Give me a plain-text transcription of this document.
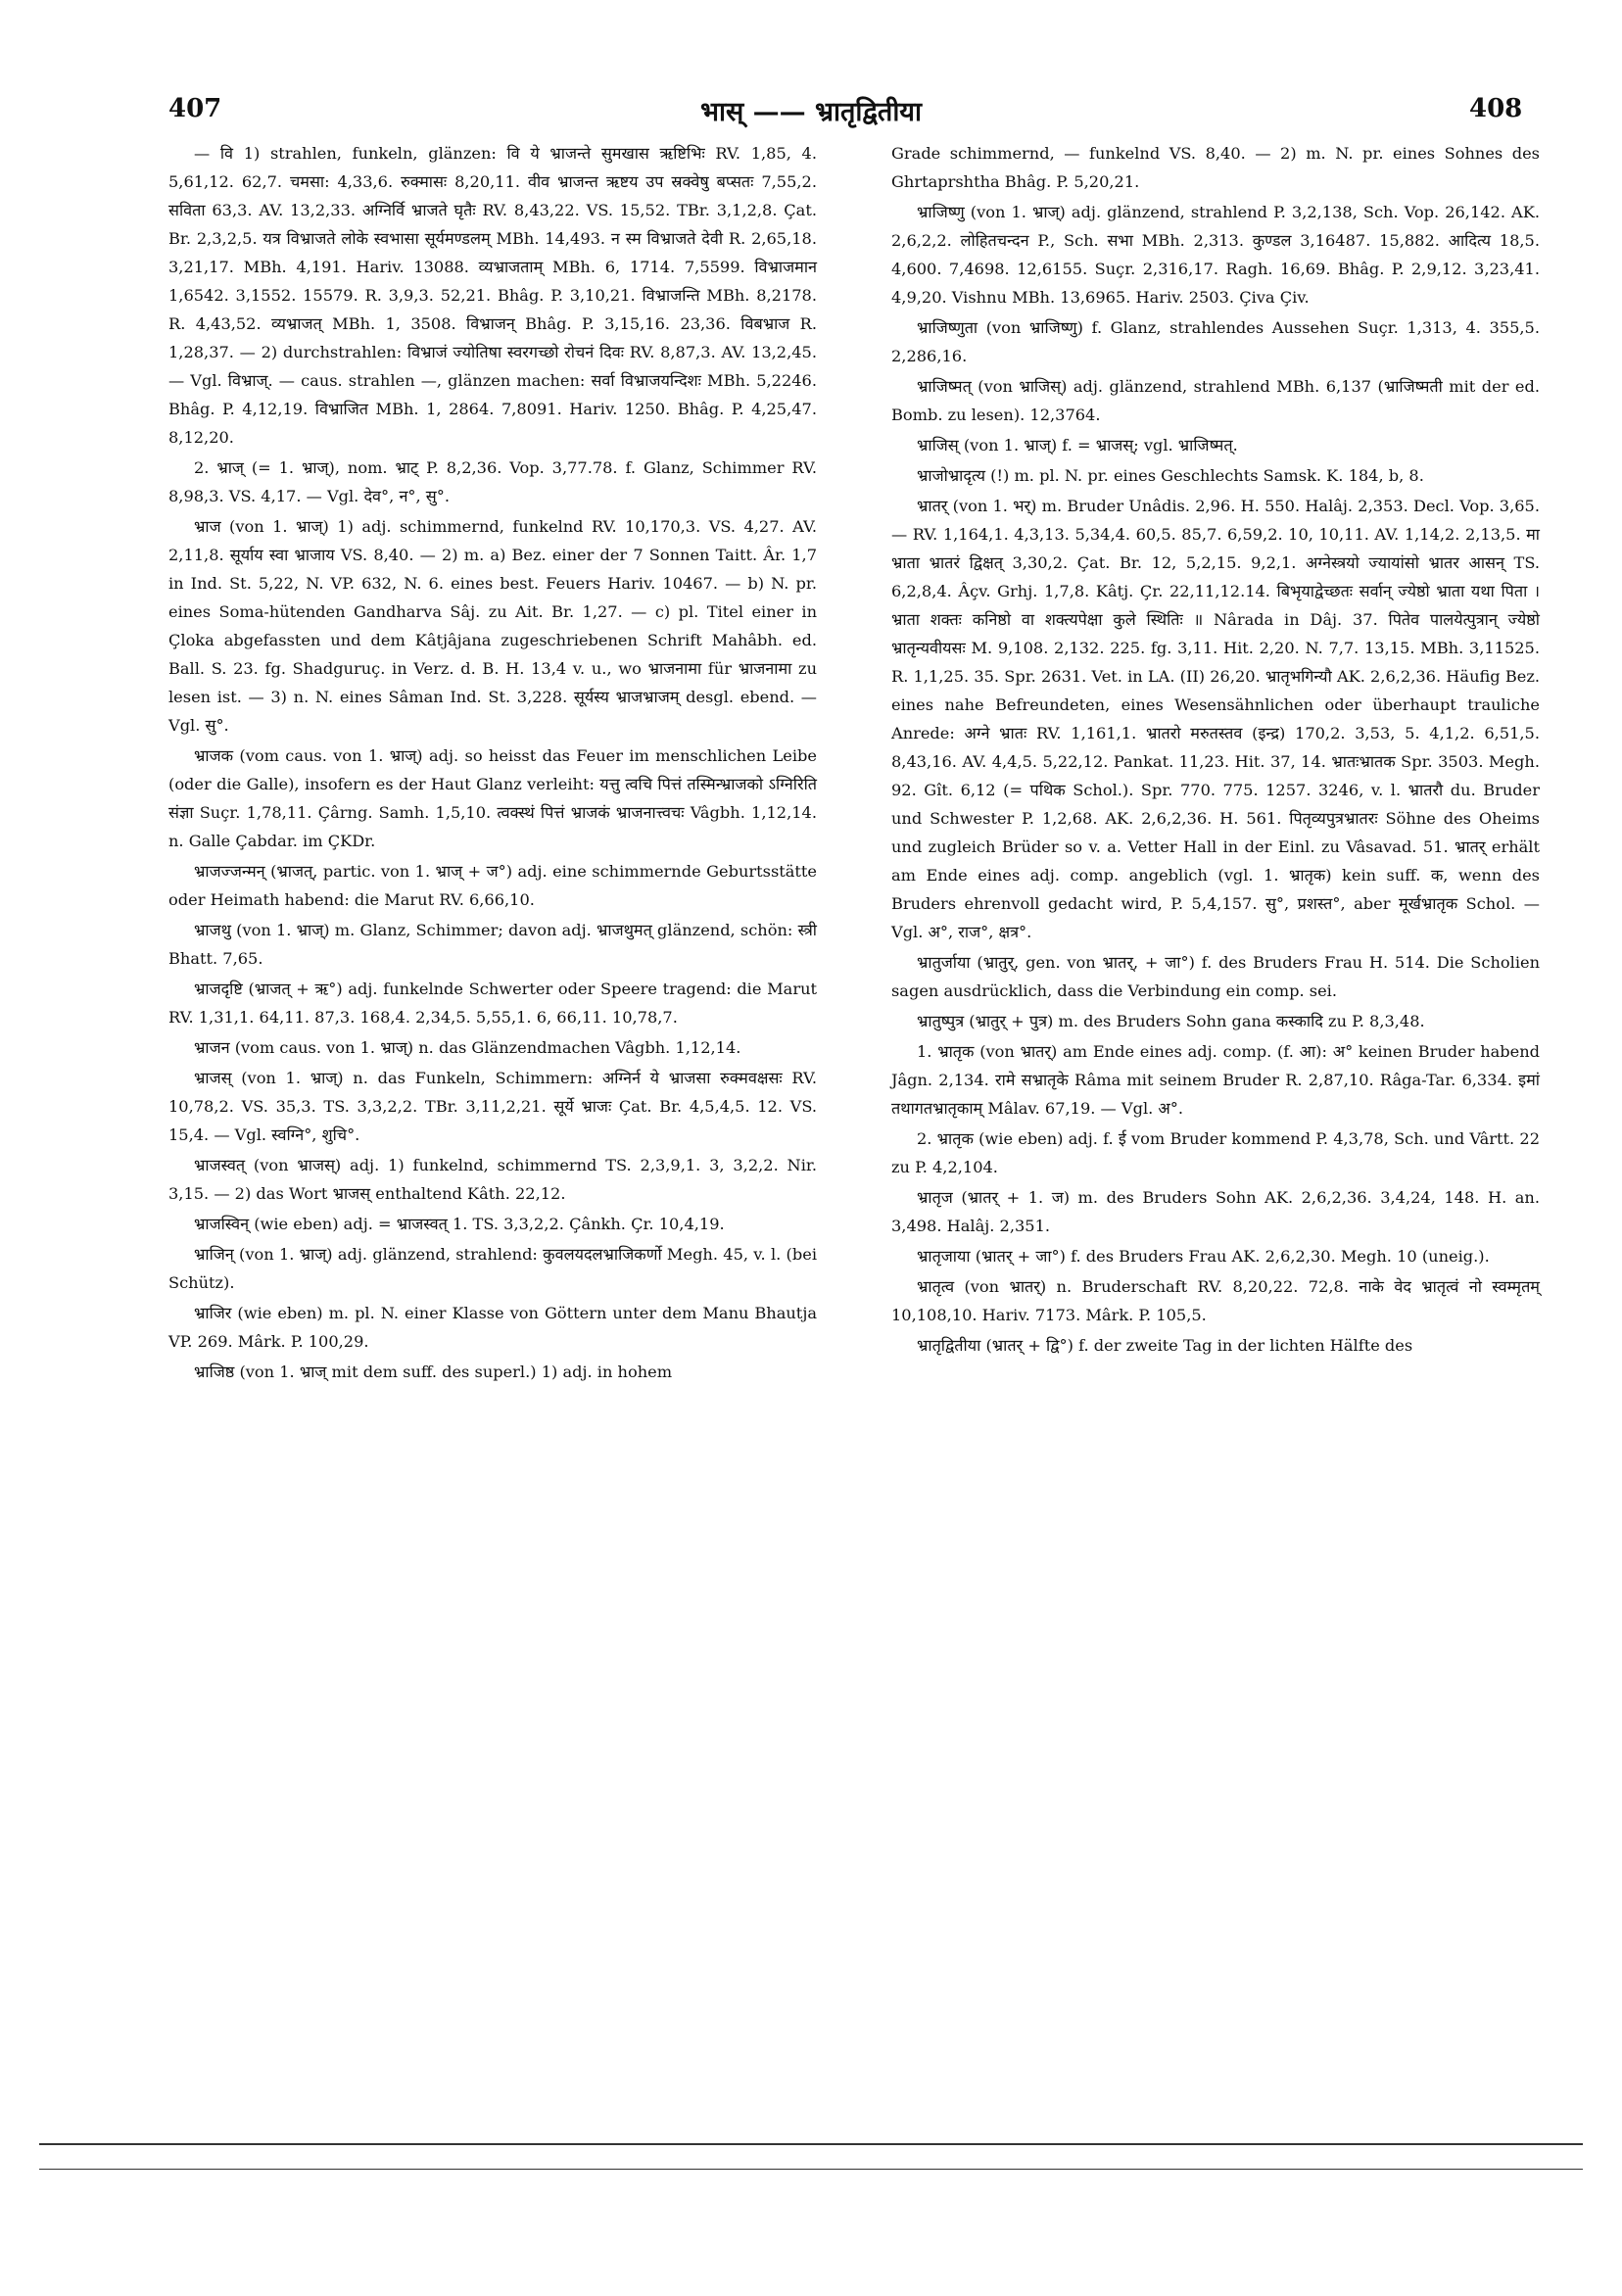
407	भास् —— भ्रातृद्वितीया	408

— वि 1) strahlen, funkeln, glänzen: वि ये भ्राजन्ते सुमखास ऋष्टिभिः RV. 1,85, 4. 5,61,12. 62,7. चमसा: 4,33,6. रुक्मासः 8,20,11. वीव भ्राजन्त ऋष्टय उप स्रक्वेषु बप्सतः 7,55,2. सविता 63,3. AV. 13,2,33. अग्निर्वि भ्राजते घृतैः RV. 8,43,22. VS. 15,52. TBr. 3,1,2,8. Çat. Br. 2,3,2,5. यत्र विभ्राजते लोके स्वभासा सूर्यमण्डलम् MBh. 14,493. न स्म विभ्राजते देवी R. 2,65,18. 3,21,17. MBh. 4,191. Hariv. 13088. व्यभ्राजताम् MBh. 6, 1714. 7,5599. विभ्राजमान 1,6542. 3,1552. 15579. R. 3,9,3. 52,21. Bhâg. P. 3,10,21. विभ्राजन्ति MBh. 8,2178. R. 4,43,52. व्यभ्राजत् MBh. 1, 3508. विभ्राजन् Bhâg. P. 3,15,16. 23,36. विबभ्राज R. 1,28,37. — 2) durchstrahlen: विभ्राजं ज्योतिषा स्वरगच्छो रोचनं दिवः RV. 8,87,3. AV. 13,2,45. — Vgl. विभ्राज्. — caus. strahlen —, glänzen machen: सर्वा विभ्राजयन्दिशः MBh. 5,2246. Bhâg. P. 4,12,19. विभ्राजित MBh. 1, 2864. 7,8091. Hariv. 1250. Bhâg. P. 4,25,47. 8,12,20.

2. भ्राज् (= 1. भ्राज्), nom. भ्राट् P. 8,2,36. Vop. 3,77.78. f. Glanz, Schimmer RV. 8,98,3. VS. 4,17. — Vgl. देव°, न°, सु°.

भ्राज (von 1. भ्राज्) 1) adj. schimmernd, funkelnd RV. 10,170,3. VS. 4,27. AV. 2,11,8. सूर्याय स्वा भ्राजाय VS. 8,40. — 2) m. a) Bez. einer der 7 Sonnen Taitt. Âr. 1,7 in Ind. St. 5,22, N. VP. 632, N. 6. eines best. Feuers Hariv. 10467. — b) N. pr. eines Soma-hütenden Gandharva Sâj. zu Ait. Br. 1,27. — c) pl. Titel einer in Çloka abgefassten und dem Kâtjâjana zugeschriebenen Schrift Mahâbh. ed. Ball. S. 23. fg. Shadguruç. in Verz. d. B. H. 13,4 v. u., wo भ्राजनामा für भ्राजनामा zu lesen ist. — 3) n. N. eines Sâman Ind. St. 3,228. सूर्यस्य भ्राजभ्राजम् desgl. ebend. — Vgl. सु°.

भ्राजक (vom caus. von 1. भ्राज्) adj. so heisst das Feuer im menschlichen Leibe (oder die Galle), insofern es der Haut Glanz verleiht: यत्तु त्वचि पित्तं तस्मिन्भ्राजको ऽग्निरिति संज्ञा Suçr. 1,78,11. Çârng. Samh. 1,5,10. त्वक्स्थं पित्तं भ्राजकं भ्राजनात्त्वचः Vâgbh. 1,12,14. n. Galle Çabdar. im ÇKDr.

भ्राजज्जन्मन् (भ्राजत्, partic. von 1. भ्राज् + ज°) adj. eine schimmernde Geburtsstätte oder Heimath habend: die Marut RV. 6,66,10.

भ्राजथु (von 1. भ्राज्) m. Glanz, Schimmer; davon adj. भ्राजथुमत् glänzend, schön: स्त्री Bhatt. 7,65.

भ्राजदृष्टि (भ्राजत् + ऋ°) adj. funkelnde Schwerter oder Speere tragend: die Marut RV. 1,31,1. 64,11. 87,3. 168,4. 2,34,5. 5,55,1. 6, 66,11. 10,78,7.

भ्राजन (vom caus. von 1. भ्राज्) n. das Glänzendmachen Vâgbh. 1,12,14.

भ्राजस् (von 1. भ्राज्) n. das Funkeln, Schimmern: अग्निर्न ये भ्राजसा रुक्मवक्षसः RV. 10,78,2. VS. 35,3. TS. 3,3,2,2. TBr. 3,11,2,21. सूर्ये भ्राजः Çat. Br. 4,5,4,5. 12. VS. 15,4. — Vgl. स्वग्नि°, शुचि°.

भ्राजस्वत् (von भ्राजस्) adj. 1) funkelnd, schimmernd TS. 2,3,9,1. 3, 3,2,2. Nir. 3,15. — 2) das Wort भ्राजस् enthaltend Kâth. 22,12.

भ्राजस्विन् (wie eben) adj. = भ्राजस्वत् 1. TS. 3,3,2,2. Çânkh. Çr. 10,4,19.

भ्राजिन् (von 1. भ्राज्) adj. glänzend, strahlend: कुवलयदलभ्राजिकर्णो Megh. 45, v. l. (bei Schütz).

भ्राजिर (wie eben) m. pl. N. einer Klasse von Göttern unter dem Manu Bhautja VP. 269. Mârk. P. 100,29.

भ्राजिष्ठ (von 1. भ्राज् mit dem suff. des superl.) 1) adj. in hohem

Grade schimmernd, — funkelnd VS. 8,40. — 2) m. N. pr. eines Sohnes des Ghrtaprshtha Bhâg. P. 5,20,21.

भ्राजिष्णु (von 1. भ्राज्) adj. glänzend, strahlend P. 3,2,138, Sch. Vop. 26,142. AK. 2,6,2,2. लोहितचन्दन P., Sch. सभा MBh. 2,313. कुण्डल 3,16487. 15,882. आदित्य 18,5. 4,600. 7,4698. 12,6155. Suçr. 2,316,17. Ragh. 16,69. Bhâg. P. 2,9,12. 3,23,41. 4,9,20. Vishnu MBh. 13,6965. Hariv. 2503. Çiva Çiv.

भ्राजिष्णुता (von भ्राजिष्णु) f. Glanz, strahlendes Aussehen Suçr. 1,313, 4. 355,5. 2,286,16.

भ्राजिष्मत् (von भ्राजिस्) adj. glänzend, strahlend MBh. 6,137 (भ्राजिष्मती mit der ed. Bomb. zu lesen). 12,3764.

भ्राजिस् (von 1. भ्राज्) f. = भ्राजस्; vgl. भ्राजिष्मत्.

भ्राजोभ्रादृत्य (!) m. pl. N. pr. eines Geschlechts Samsk. K. 184, b, 8.

भ्रातर् (von 1. भर्) m. Bruder Unâdis. 2,96. H. 550. Halâj. 2,353. Decl. Vop. 3,65. — RV. 1,164,1. 4,3,13. 5,34,4. 60,5. 85,7. 6,59,2. 10, 10,11. AV. 1,14,2. 2,13,5. मा भ्राता भ्रातरं द्विक्षत् 3,30,2. Çat. Br. 12, 5,2,15. 9,2,1. अग्नेस्त्रयो ज्यायांसो भ्रातर आसन् TS. 6,2,8,4. Âçv. Grhj. 1,7,8. Kâtj. Çr. 22,11,12.14. बिभृयाद्वेच्छतः सर्वान् ज्येष्ठो भ्राता यथा पिता । भ्राता शक्तः कनिष्ठो वा शक्त्यपेक्षा कुले स्थितिः ॥ Nârada in Dâj. 37. पितेव पालयेत्पुत्रान् ज्येष्ठो भ्रातृन्यवीयसः M. 9,108. 2,132. 225. fg. 3,11. Hit. 2,20. N. 7,7. 13,15. MBh. 3,11525. R. 1,1,25. 35. Spr. 2631. Vet. in LA. (II) 26,20. भ्रातृभगिन्यौ AK. 2,6,2,36. Häufig Bez. eines nahe Befreundeten, eines Wesensähnlichen oder überhaupt trauliche Anrede: अग्ने भ्रातः RV. 1,161,1. भ्रातरो मरुतस्तव (इन्द्र) 170,2. 3,53, 5. 4,1,2. 6,51,5. 8,43,16. AV. 4,4,5. 5,22,12. Pankat. 11,23. Hit. 37, 14. भ्रातःभ्रातक Spr. 3503. Megh. 92. Gît. 6,12 (= पथिक Schol.). Spr. 770. 775. 1257. 3246, v. l. भ्रातरौ du. Bruder und Schwester P. 1,2,68. AK. 2,6,2,36. H. 561. पितृव्यपुत्रभ्रातरः Söhne des Oheims und zugleich Brüder so v. a. Vetter Hall in der Einl. zu Vâsavad. 51. भ्रातर् erhält am Ende eines adj. comp. angeblich (vgl. 1. भ्रातृक) kein suff. क, wenn des Bruders ehrenvoll gedacht wird, P. 5,4,157. सु°, प्रशस्त°, aber मूर्खभ्रातृक Schol. — Vgl. अ°, राज°, क्षत्र°.

भ्रातुर्जाया (भ्रातुर्, gen. von भ्रातर्, + जा°) f. des Bruders Frau H. 514. Die Scholien sagen ausdrücklich, dass die Verbindung ein comp. sei.

भ्रातुष्पुत्र (भ्रातुर् + पुत्र) m. des Bruders Sohn gana कस्कादि zu P. 8,3,48.

1. भ्रातृक (von भ्रातर्) am Ende eines adj. comp. (f. आ): अ° keinen Bruder habend Jâgn. 2,134. रामे सभ्रातृके Râma mit seinem Bruder R. 2,87,10. Râga-Tar. 6,334. इमां तथागतभ्रातृकाम् Mâlav. 67,19. — Vgl. अ°.

2. भ्रातृक (wie eben) adj. f. ई vom Bruder kommend P. 4,3,78, Sch. und Vârtt. 22 zu P. 4,2,104.

भ्रातृज (भ्रातर् + 1. ज) m. des Bruders Sohn AK. 2,6,2,36. 3,4,24, 148. H. an. 3,498. Halâj. 2,351.

भ्रातृजाया (भ्रातर् + जा°) f. des Bruders Frau AK. 2,6,2,30. Megh. 10 (uneig.).

भ्रातृत्व (von भ्रातर्) n. Bruderschaft RV. 8,20,22. 72,8. नाके वेद भ्रातृत्वं नो स्वम्मृतम् 10,108,10. Hariv. 7173. Mârk. P. 105,5.

भ्रातृद्वितीया (भ्रातर् + द्वि°) f. der zweite Tag in der lichten Hälfte des
